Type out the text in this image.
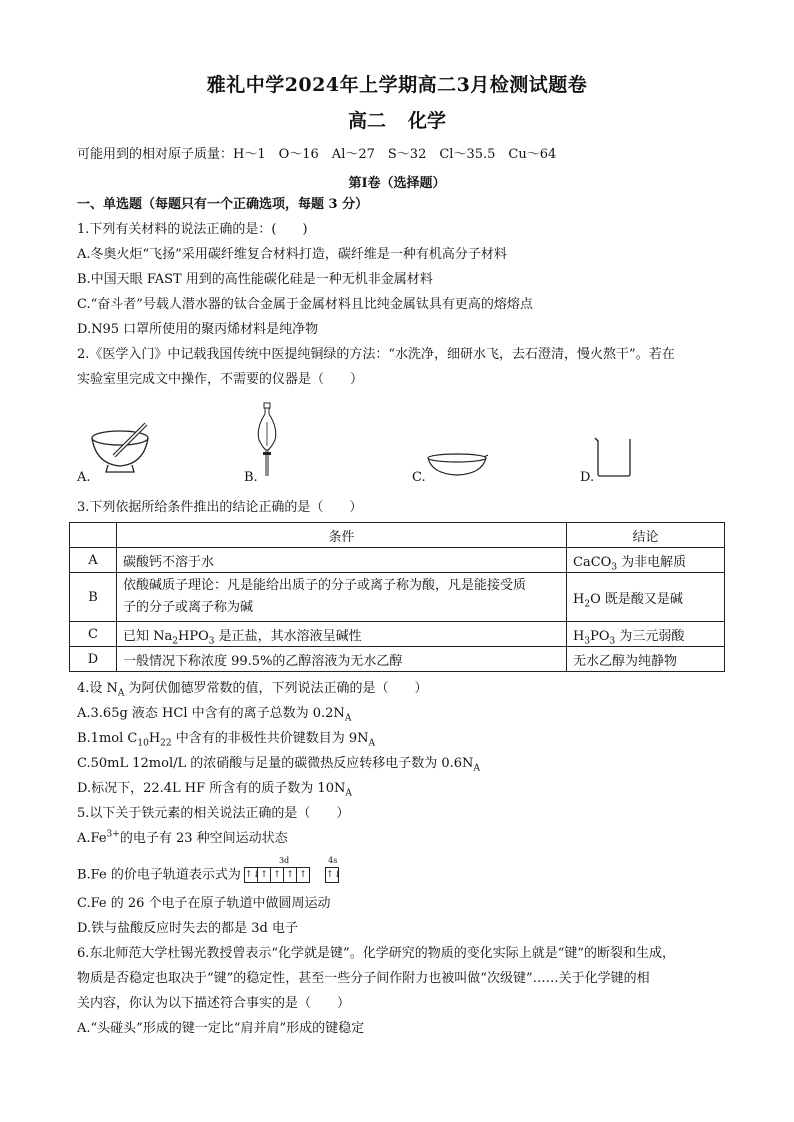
雅礼中学2024年上学期高二3月检测试题卷
高二 化学
可能用到的相对原子质量：H～1　O～16　Al～27　S～32　Cl～35.5　Cu～64
第Ⅰ卷（选择题）
一、单选题（每题只有一个正确选项，每题 3 分）
1.下列有关材料的说法正确的是：(　　)
A.冬奥火炬“飞扬”采用碳纤维复合材料打造，碳纤维是一种有机高分子材料
B.中国天眼 FAST 用到的高性能碳化硅是一种无机非金属材料
C.“奋斗者”号载人潜水器的钛合金属于金属材料且比纯金属钛具有更高的熔熔点
D.N95 口罩所使用的聚丙烯材料是纯净物
2.《医学入门》中记载我国传统中医提纯铜绿的方法：“水洗净，细研水飞，去石澄清，慢火熬干”。若在
实验室里完成文中操作，不需要的仪器是（　　）
A.	B.	C.	D.
3.下列依据所给条件推出的结论正确的是（　　）
	条件	结论
A	碳酸钙不溶于水	CaCO$_3$ 为非电解质
B	依酸碱质子理论：凡是能给出质子的分子或离子称为酸，凡是能接受质
子的分子或离子称为碱	$H_2O$ 既是酸又是碱
C	已知 $Na_2HPO_3$ 是正盐，其水溶液呈碱性	$H_3PO_3$ 为三元弱酸
D	一般情况下称浓度 99.5%的乙醇溶液为无水乙醇	无水乙醇为纯静物
4.设 $N_A$ 为阿伏伽德罗常数的值，下列说法正确的是（　　）
A.3.65g 液态 HCl 中含有的离子总数为 $0.2N_A$
B.1mol $C_{10}H_{22}$ 中含有的非极性共价键数目为 $9N_A$
C.50mL 12mol/L 的浓硝酸与足量的碳微热反应转移电子数为 $0.6N_A$
D.标况下，22.4L HF 所含有的质子数为 $10N_A$
5.以下关于铁元素的相关说法正确的是（　　）
$A.Fe^{3+}$的电子有 23 种空间运动状态
B.Fe 的价电子轨道表示式为
3d
↑↓↑ ↑ ↑ ↑
4s
↑↓
C.Fe 的 26 个电子在原子轨道中做圆周运动
D.铁与盐酸反应时失去的都是 3d 电子
6.东北师范大学杜锡光教授曾表示“化学就是键”。化学研究的物质的变化实际上就是“键”的断裂和生成，
物质是否稳定也取决于“键”的稳定性，甚至一些分子间作附力也被叫做“次级键”……关于化学键的相
关内容，你认为以下描述符合事实的是（　　）
A.“头碰头”形成的键一定比“肩并肩”形成的键稳定
